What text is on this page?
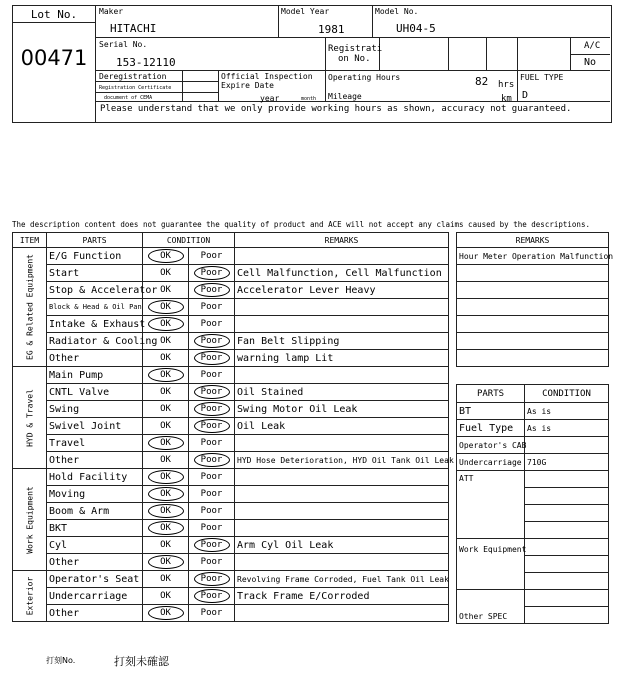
Lot No.
00471
Maker
HITACHI
Model Year
1981
Model No.
UH04-5
Serial No.
153-12110
Registrati
on No.
A/C
No
Deregistration
Registration Certificate
document of CEMA
Official Inspection
Expire Date
year	month
Operating Hours	82 hrs
Mileage	km
FUEL TYPE
D
Please understand that we only provide working hours as shown, accuracy not guaranteed.
The description content does not guarantee the quality of product and ACE will not accept any claims caused by the descriptions.
ITEM	PARTS	CONDITION		REMARKS

EG & Related Equipment	E/G Function	OK	Poor	
	Start	OK	Poor	Cell Malfunction, Cell Malfunction
	Stop & Accelerator	OK	Poor	Accelerator Lever Heavy
	Block & Head & Oil Pan	OK	Poor	
	Intake & Exhaust	OK	Poor	
	Radiator & Cooling	OK	Poor	Fan Belt Slipping
	Other	OK	Poor	warning lamp Lit

HYD & Travel	Main Pump	OK	Poor	
	CNTL Valve	OK	Poor	Oil Stained
	Swing	OK	Poor	Swing Motor Oil Leak
	Swivel Joint	OK	Poor	Oil Leak
	Travel	OK	Poor	
	Other	OK	Poor	HYD Hose Deterioration, HYD Oil Tank Oil Leak

Work Equipment	Hold Facility	OK	Poor	
	Moving	OK	Poor	
	Boom & Arm	OK	Poor	
	BKT	OK	Poor	
	Cyl	OK	Poor	Arm Cyl Oil Leak
	Other	OK	Poor	

Exterior	Operator's Seat	OK	Poor	Revolving Frame Corroded, Fuel Tank Oil Leak
	Undercarriage	OK	Poor	Track Frame E/Corroded
	Other	OK	Poor	
REMARKS
Hour Meter Operation Malfunction

PARTS	CONDITION
BT	As is
Fuel Type	As is
Operator's CAB	
Undercarriage	710G
ATT	

Work Equipment	

Other SPEC	

打刻No.	打刻未確認
